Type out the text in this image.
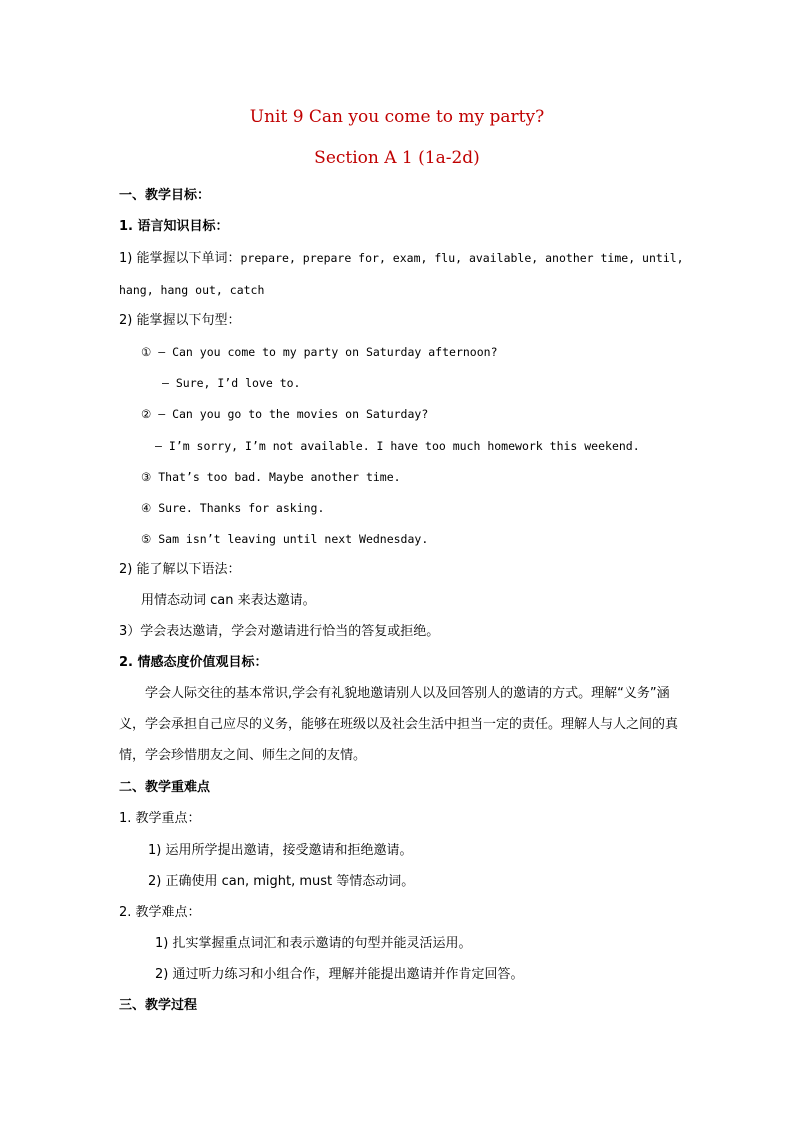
Unit 9 Can you come to my party?
Section A 1 (1a-2d)
一、教学目标：
1. 语言知识目标：
1) 能掌握以下单词：prepare, prepare for, exam, flu, available, another time, until,
hang, hang out, catch
2) 能掌握以下句型：
① — Can you come to my party on Saturday afternoon?
— Sure, I’d love to.
② — Can you go to the movies on Saturday?
— I’m sorry, I’m not available. I have too much homework this weekend.
③ That’s too bad. Maybe another time.
④ Sure. Thanks for asking.
⑤ Sam isn’t leaving until next Wednesday.
2) 能了解以下语法：
用情态动词 can 来表达邀请。
3）学会表达邀请，学会对邀请进行恰当的答复或拒绝。
2. 情感态度价值观目标：
学会人际交往的基本常识,学会有礼貌地邀请别人以及回答别人的邀请的方式。理解“义务”涵义，学会承担自己应尽的义务，能够在班级以及社会生活中担当一定的责任。理解人与人之间的真情，学会珍惜朋友之间、师生之间的友情。
二、教学重难点
1. 教学重点：
1) 运用所学提出邀请，接受邀请和拒绝邀请。
2) 正确使用 can, might, must 等情态动词。
2. 教学难点：
1) 扎实掌握重点词汇和表示邀请的句型并能灵活运用。
2) 通过听力练习和小组合作，理解并能提出邀请并作肯定回答。
三、教学过程
